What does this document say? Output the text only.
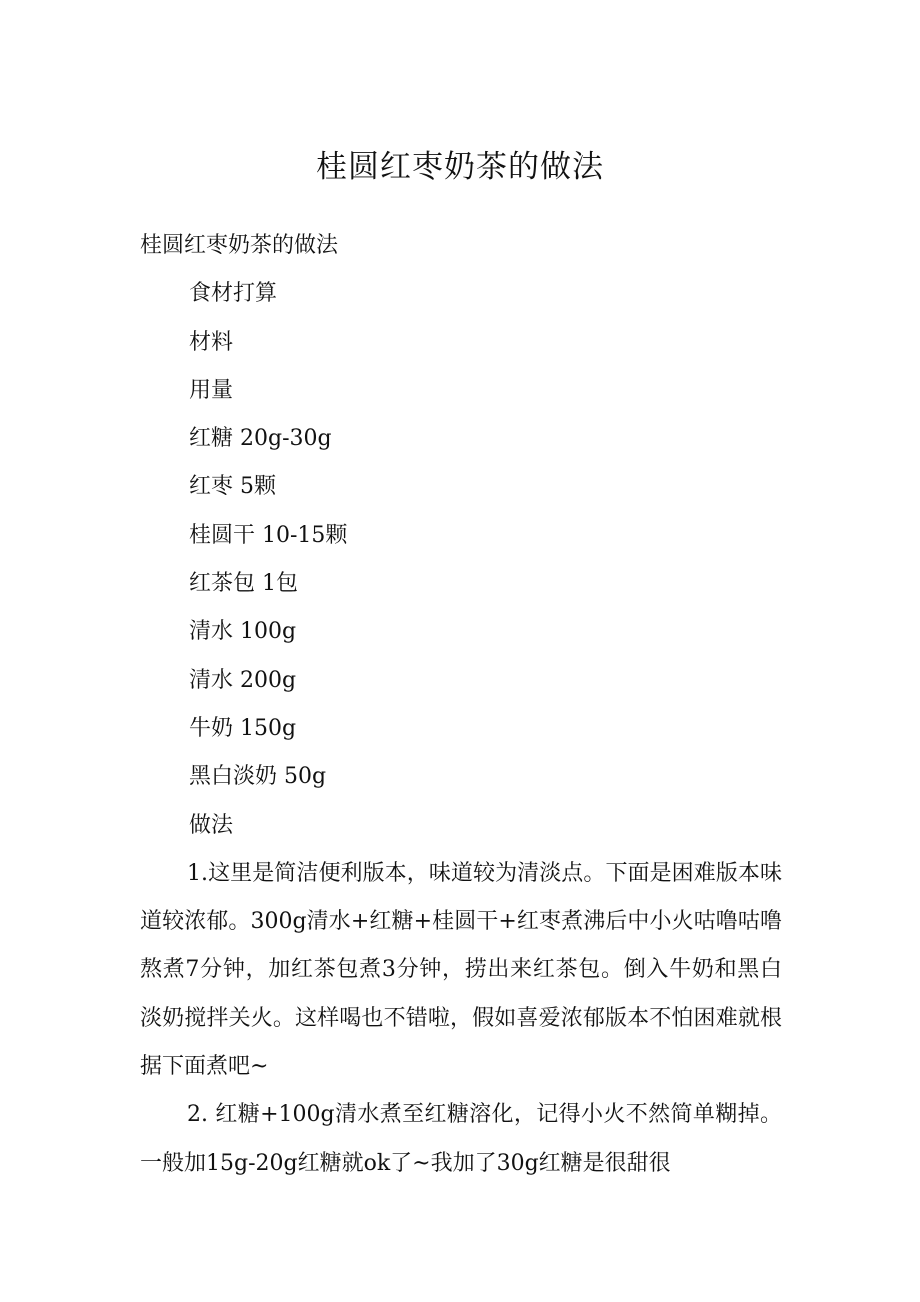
桂圆红枣奶茶的做法

桂圆红枣奶茶的做法

食材打算

材料

用量

红糖 20g-30g

红枣 5颗

桂圆干 10-15颗

红茶包 1包

清水 100g

清水 200g

牛奶 150g

黑白淡奶 50g

做法

1.这里是简洁便利版本，味道较为清淡点。下面是困难版本味道较浓郁。300g清水+红糖+桂圆干+红枣煮沸后中小火咕噜咕噜熬煮7分钟，加红茶包煮3分钟，捞出来红茶包。倒入牛奶和黑白淡奶搅拌关火。这样喝也不错啦，假如喜爱浓郁版本不怕困难就根据下面煮吧~

2. 红糖+100g清水煮至红糖溶化，记得小火不然简单糊掉。一般加15g-20g红糖就ok了~我加了30g红糖是很甜很
